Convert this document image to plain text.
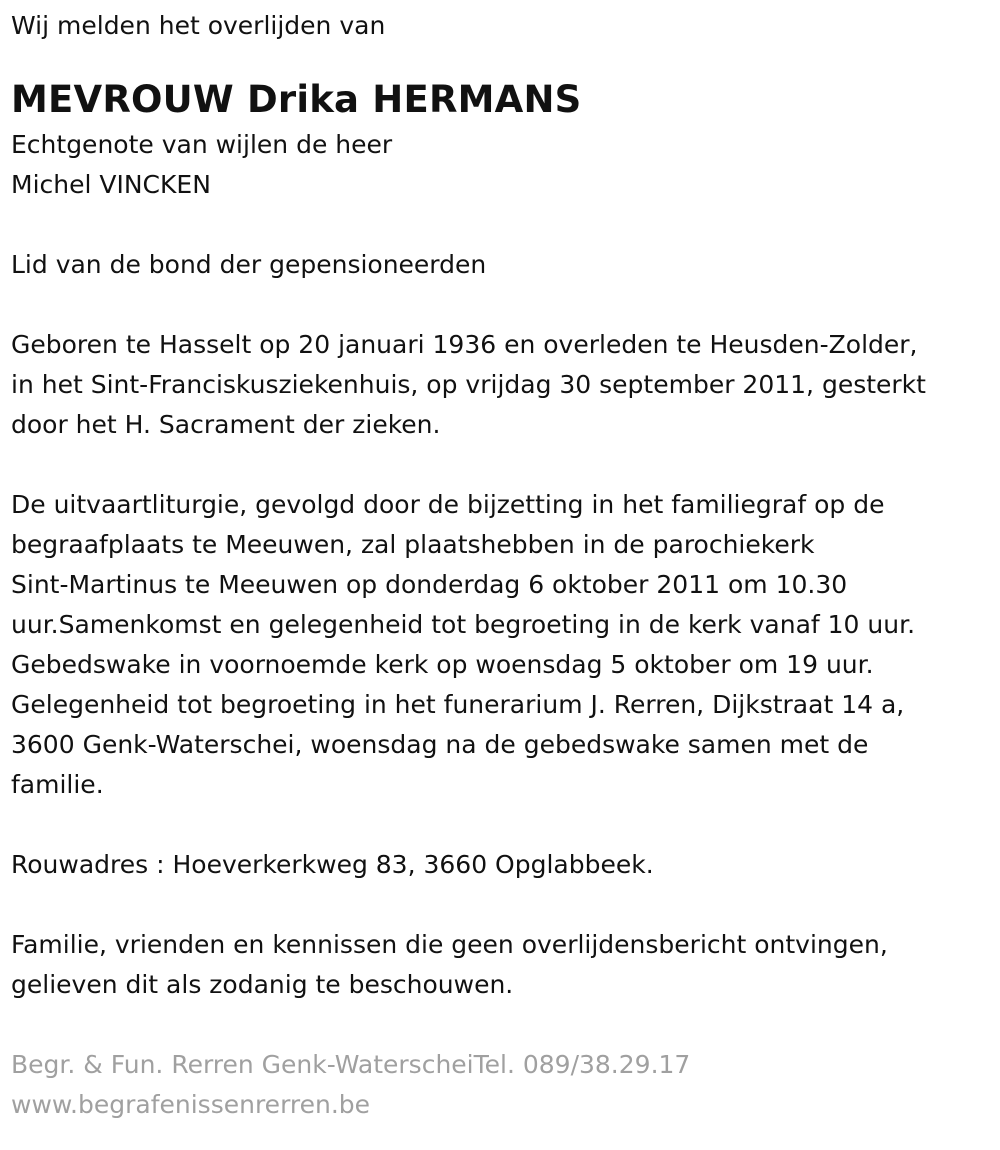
Wij melden het overlijden van
MEVROUW Drika HERMANS
Echtgenote van wijlen de heer
Michel VINCKEN
Lid van de bond der gepensioneerden
Geboren te Hasselt op 20 januari 1936 en overleden te Heusden-Zolder,
in het Sint-Franciskusziekenhuis, op vrijdag 30 september 2011, gesterkt
door het H. Sacrament der zieken.
De uitvaartliturgie, gevolgd door de bijzetting in het familiegraf op de
begraafplaats te Meeuwen, zal plaatshebben in de parochiekerk
Sint-Martinus te Meeuwen op donderdag 6 oktober 2011 om 10.30
uur.Samenkomst en gelegenheid tot begroeting in de kerk vanaf 10 uur.
Gebedswake in voornoemde kerk op woensdag 5 oktober om 19 uur.
Gelegenheid tot begroeting in het funerarium J. Rerren, Dijkstraat 14 a,
3600 Genk-Waterschei, woensdag na de gebedswake samen met de
familie.
Rouwadres : Hoeverkerkweg 83, 3660 Opglabbeek.
Familie, vrienden en kennissen die geen overlijdensbericht ontvingen,
gelieven dit als zodanig te beschouwen.
Begr. & Fun. Rerren Genk-WaterscheiTel. 089/38.29.17
www.begrafenissenrerren.be
